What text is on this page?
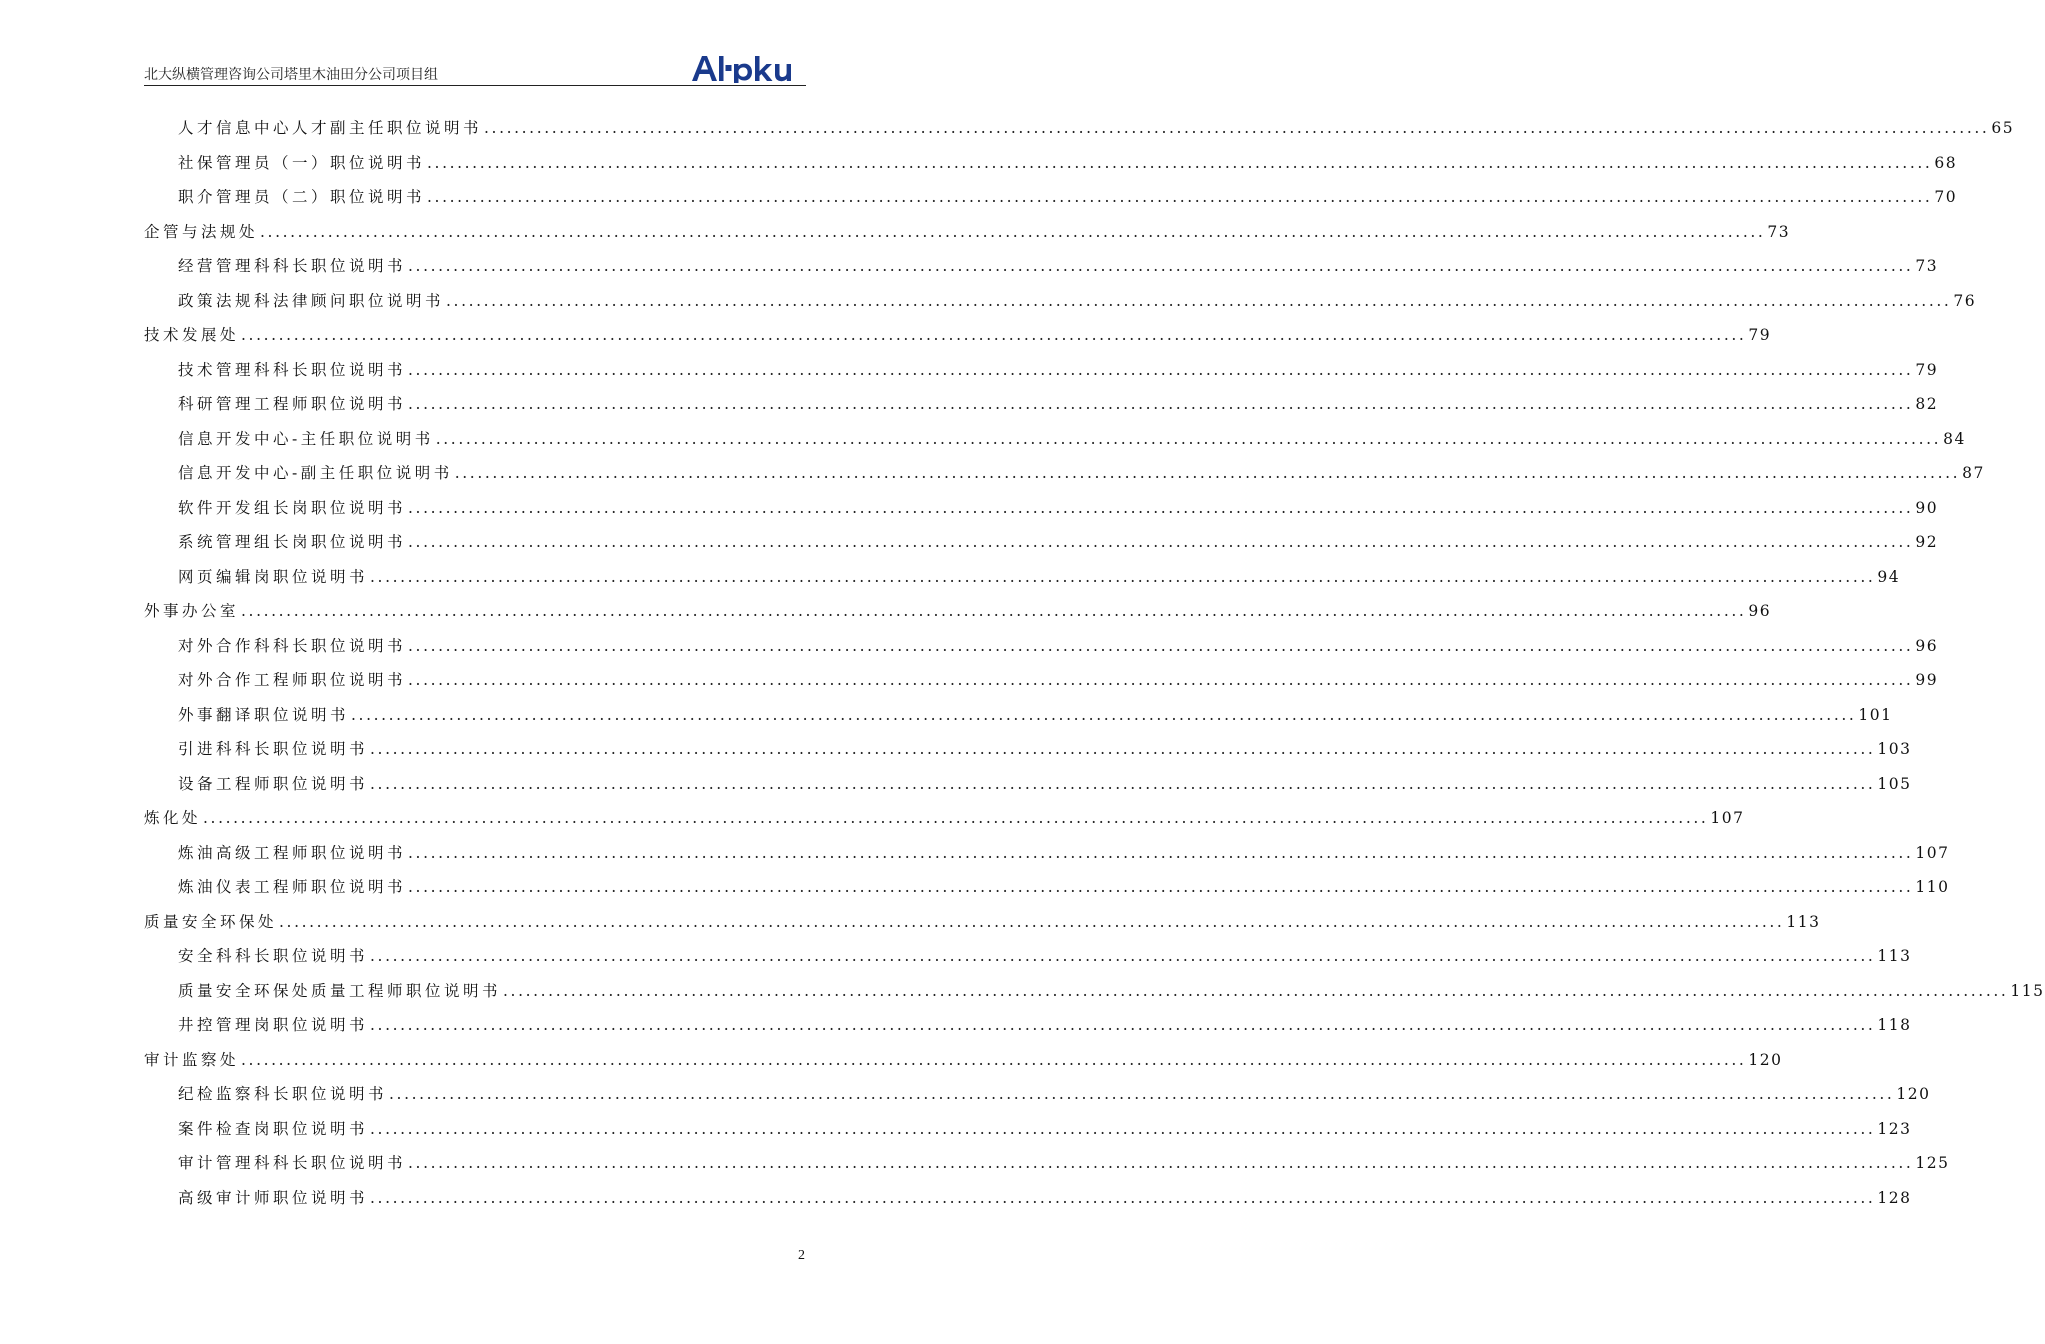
北大纵横管理咨询公司塔里木油田分公司项目组
人才信息中心人才副主任职位说明书 ........................................................................................................................................................................................................ 65
社保管理员（一）职位说明书 ........................................................................................................................................................................................................ 68
职介管理员（二）职位说明书 ........................................................................................................................................................................................................ 70
企管与法规处 ........................................................................................................................................................................................................ 73
经营管理科科长职位说明书 ........................................................................................................................................................................................................ 73
政策法规科法律顾问职位说明书 ........................................................................................................................................................................................................ 76
技术发展处 ........................................................................................................................................................................................................ 79
技术管理科科长职位说明书 ........................................................................................................................................................................................................ 79
科研管理工程师职位说明书 ........................................................................................................................................................................................................ 82
信息开发中心-主任职位说明书 ........................................................................................................................................................................................................ 84
信息开发中心-副主任职位说明书 ........................................................................................................................................................................................................ 87
软件开发组长岗职位说明书 ........................................................................................................................................................................................................ 90
系统管理组长岗职位说明书 ........................................................................................................................................................................................................ 92
网页编辑岗职位说明书 ........................................................................................................................................................................................................ 94
外事办公室 ........................................................................................................................................................................................................ 96
对外合作科科长职位说明书 ........................................................................................................................................................................................................ 96
对外合作工程师职位说明书 ........................................................................................................................................................................................................ 99
外事翻译职位说明书 ........................................................................................................................................................................................................ 101
引进科科长职位说明书 ........................................................................................................................................................................................................ 103
设备工程师职位说明书 ........................................................................................................................................................................................................ 105
炼化处 ........................................................................................................................................................................................................ 107
炼油高级工程师职位说明书 ........................................................................................................................................................................................................ 107
炼油仪表工程师职位说明书 ........................................................................................................................................................................................................ 110
质量安全环保处 ........................................................................................................................................................................................................ 113
安全科科长职位说明书 ........................................................................................................................................................................................................ 113
质量安全环保处质量工程师职位说明书 ........................................................................................................................................................................................................ 115
井控管理岗职位说明书 ........................................................................................................................................................................................................ 118
审计监察处 ........................................................................................................................................................................................................ 120
纪检监察科长职位说明书 ........................................................................................................................................................................................................ 120
案件检查岗职位说明书 ........................................................................................................................................................................................................ 123
审计管理科科长职位说明书 ........................................................................................................................................................................................................ 125
高级审计师职位说明书 ........................................................................................................................................................................................................ 128
2
